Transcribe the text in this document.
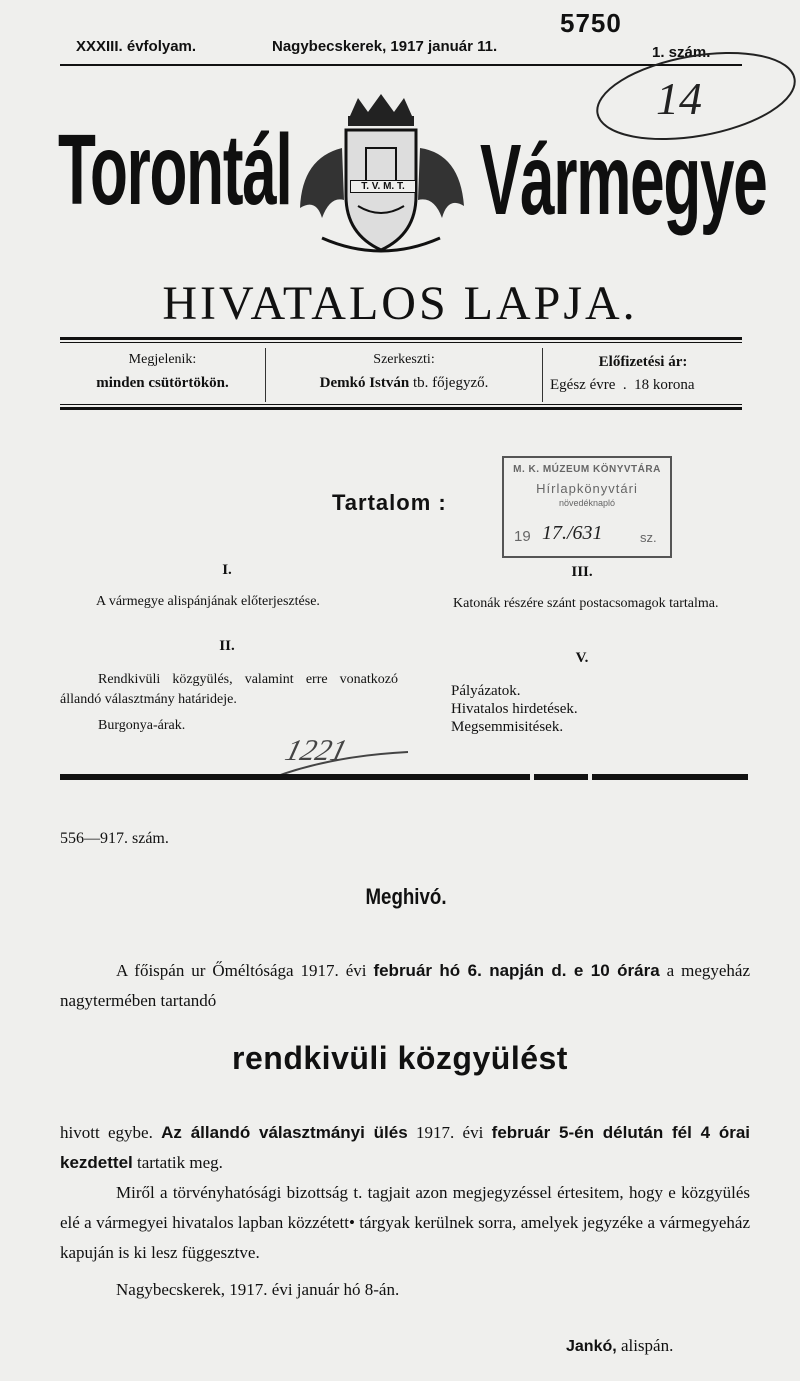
XXXIII. évfolyam.	Nagybecskerek, 1917 január 11.	1. szám.
5750
14
Torontál Vármegye
T. V. M. T.
HIVATALOS LAPJA.
Megjelenik:
minden csütörtökön.
Szerkeszti:
Demkó István tb. főjegyző.
Előfizetési ár:
Egész évre  .  18 korona
M. K. MÚZEUM KÖNYVTÁRA
Hírlapkönyvtári
növedéknapló
19 17./631	sz.
Tartalom :
I.
A vármegye alispánjának előterjesztése.
II.
Rendkivüli közgyülés, valamint erre vonatkozó állandó választmány határideje.
Burgonya-árak.
III.
Katonák részére szánt postacsomagok tartalma.
V.
Pályázatok.
Hivatalos hirdetések.
Megsemmisitések.
1221
556—917. szám.
Meghivó.
A főispán ur Őméltósága 1917. évi február hó 6. napján d. e 10 órára a megyeház nagytermében tartandó
rendkivüli közgyülést
hivott egybe. Az állandó választmányi ülés 1917. évi február 5-én délután fél 4 órai kezdettel tartatik meg.
Miről a törvényhatósági bizottság t. tagjait azon megjegyzéssel értesitem, hogy e közgyülés elé a vármegyei hivatalos lapban közzétett• tárgyak kerülnek sorra, amelyek jegyzéke a vármegyeház kapuján is ki lesz függesztve.
Nagybecskerek, 1917. évi január hó 8-án.
Jankó, alispán.
